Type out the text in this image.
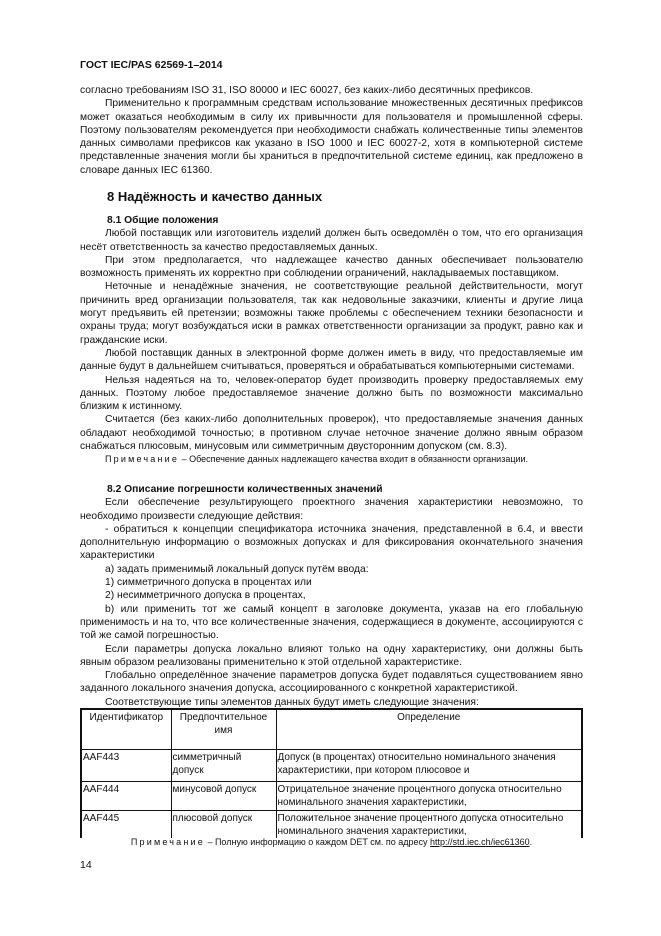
ГОСТ IEC/PAS 62569-1–2014

согласно требованиям ISO 31, ISO 80000 и IEC 60027, без каких-либо десятичных префиксов.

Применительно к программным средствам использование множественных десятичных префиксов может оказаться необходимым в силу их привычности для пользователя и промышленной сферы. Поэтому пользователям рекомендуется при необходимости снабжать количественные типы элементов данных символами префиксов как указано в ISO 1000 и IEC 60027-2, хотя в компьютерной системе представленные значения могли бы храниться в предпочтительной системе единиц, как предложено в словаре данных IEC 61360.

8 Надёжность и качество данных

8.1 Общие положения

Любой поставщик или изготовитель изделий должен быть осведомлён о том, что его организация несёт ответственность за качество предоставляемых данных.

При этом предполагается, что надлежащее качество данных обеспечивает пользователю возможность применять их корректно при соблюдении ограничений, накладываемых поставщиком.

Неточные и ненадёжные значения, не соответствующие реальной действительности, могут причинить вред организации пользователя, так как недовольные заказчики, клиенты и другие лица могут предъявить ей претензии; возможны также проблемы с обеспечением техники безопасности и охраны труда; могут возбуждаться иски в рамках ответственности организации за продукт, равно как и гражданские иски.

Любой поставщик данных в электронной форме должен иметь в виду, что предоставляемые им данные будут в дальнейшем считываться, проверяться и обрабатываться компьютерными системами.

Нельзя надеяться на то, человек-оператор будет производить проверку предоставляемых ему данных. Поэтому любое предоставляемое значение должно быть по возможности максимально близким к истинному.

Считается (без каких-либо дополнительных проверок), что предоставляемые значения данных обладают необходимой точностью; в противном случае неточное значение должно явным образом снабжаться плюсовым, минусовым или симметричным двусторонним допуском (см. 8.3).

Примечание – Обеспечение данных надлежащего качества входит в обязанности организации.

8.2 Описание погрешности количественных значений

Если обеспечение результирующего проектного значения характеристики невозможно, то необходимо произвести следующие действия:

- обратиться к концепции спецификатора источника значения, представленной в 6.4, и ввести дополнительную информацию о возможных допусках и для фиксирования окончательного значения характеристики

а) задать применимый локальный допуск путём ввода:

1) симметричного допуска в процентах или

2) несимметричного допуска в процентах,

b) или применить тот же самый концепт в заголовке документа, указав на его глобальную применимость и на то, что все количественные значения, содержащиеся в документе, ассоциируются с той же самой погрешностью.

Если параметры допуска локально влияют только на одну характеристику, они должны быть явным образом реализованы применительно к этой отдельной характеристике.

Глобально определённое значение параметров допуска будет подавляться существованием явно заданного локального значения допуска, ассоциированного с конкретной характеристикой.

Соответствующие типы элементов данных будут иметь следующие значения:

Идентификатор	Предпочтительное имя	Определение
AAF443	симметричный допуск	Допуск (в процентах) относительно номинального значения характеристики, при котором плюсовое и
AAF444	минусовой допуск	Отрицательное значение процентного допуска относительно номинального значения характеристики,
AAF445	плюсовой допуск	Положительное значение процентного допуска относительно номинального значения характеристики,
Примечание – Полную информацию о каждом DET см. по адресу http://std.iec.ch/iec61360.
14
